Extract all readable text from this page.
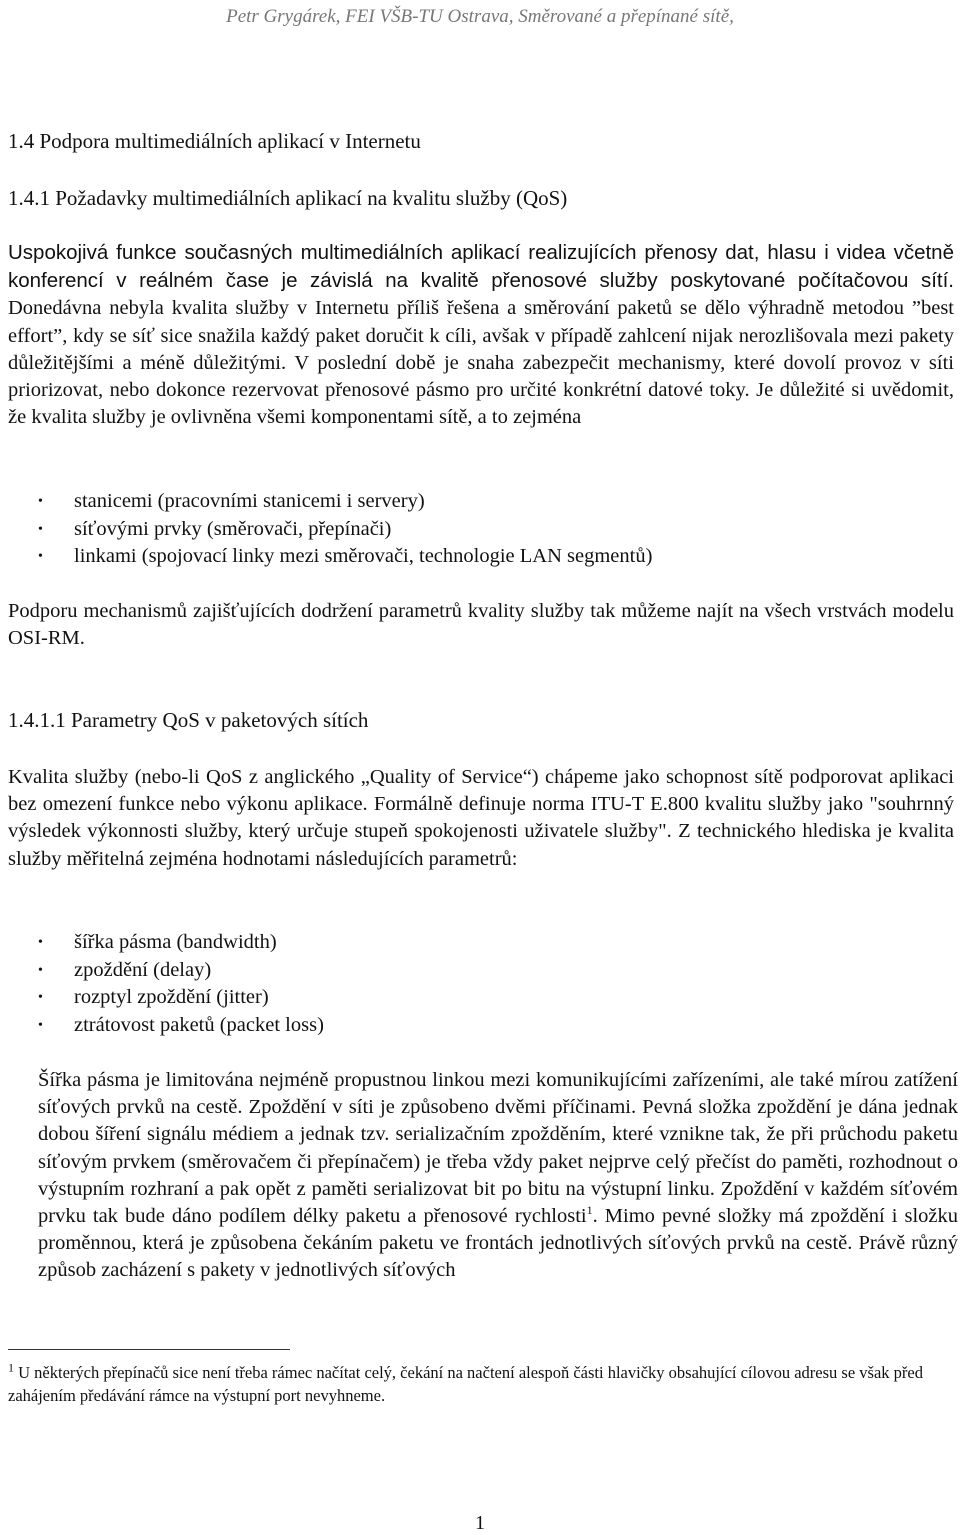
Petr Grygárek, FEI VŠB-TU Ostrava, Směrované a přepínané sítě,
1.4 Podpora multimediálních aplikací v Internetu
1.4.1 Požadavky multimediálních aplikací na kvalitu služby (QoS)

Uspokojivá funkce současných multimediálních aplikací realizujících přenosy dat, hlasu i videa včetně konferencí v reálném čase je závislá na kvalitě přenosové služby poskytované počítačovou sítí. Donedávna nebyla kvalita služby v Internetu příliš řešena a směrování paketů se dělo výhradně metodou ”best effort”, kdy se síť sice snažila každý paket doručit k cíli, avšak v případě zahlcení nijak nerozlišovala mezi pakety důležitějšími a méně důležitými. V poslední době je snaha zabezpečit mechanismy, které dovolí provoz v síti priorizovat, nebo dokonce rezervovat přenosové pásmo pro určité konkrétní datové toky. Je důležité si uvědomit, že kvalita služby je ovlivněna všemi komponentami sítě, a to zejména

• stanicemi (pracovními stanicemi i servery)
• síťovými prvky (směrovači, přepínači)
• linkami (spojovací linky mezi směrovači, technologie LAN segmentů)

Podporu mechanismů zajišťujících dodržení parametrů kvality služby tak můžeme najít na všech vrstvách modelu OSI-RM.

1.4.1.1 Parametry QoS v paketových sítích

Kvalita služby (nebo-li QoS z anglického „Quality of Service“) chápeme jako schopnost sítě podporovat aplikaci bez omezení funkce nebo výkonu aplikace. Formálně definuje norma ITU-T E.800 kvalitu služby jako "souhrnný výsledek výkonnosti služby, který určuje stupeň spokojenosti uživatele služby". Z technického hlediska je kvalita služby měřitelná zejména hodnotami následujících parametrů:

• šířka pásma (bandwidth)
• zpoždění (delay)
• rozptyl zpoždění (jitter)
• ztrátovost paketů (packet loss)

Šířka pásma je limitována nejméně propustnou linkou mezi komunikujícími zařízeními, ale také mírou zatížení síťových prvků na cestě. Zpoždění v síti je způsobeno dvěmi příčinami. Pevná složka zpoždění je dána jednak dobou šíření signálu médiem a jednak tzv. serializačním zpožděním, které vznikne tak, že při průchodu paketu síťovým prvkem (směrovačem či přepínačem) je třeba vždy paket nejprve celý přečíst do paměti, rozhodnout o výstupním rozhraní a pak opět z paměti serializovat bit po bitu na výstupní linku. Zpoždění v každém síťovém prvku tak bude dáno podílem délky paketu a přenosové rychlosti$^1$. Mimo pevné složky má zpoždění i složku proměnnou, která je způsobena čekáním paketu ve frontách jednotlivých síťových prvků na cestě. Právě různý způsob zacházení s pakety v jednotlivých síťových

$^1$ U některých přepínačů sice není třeba rámec načítat celý, čekání na načtení alespoň části hlavičky obsahující cílovou adresu se však před zahájením předávání rámce na výstupní port nevyhneme.

1
